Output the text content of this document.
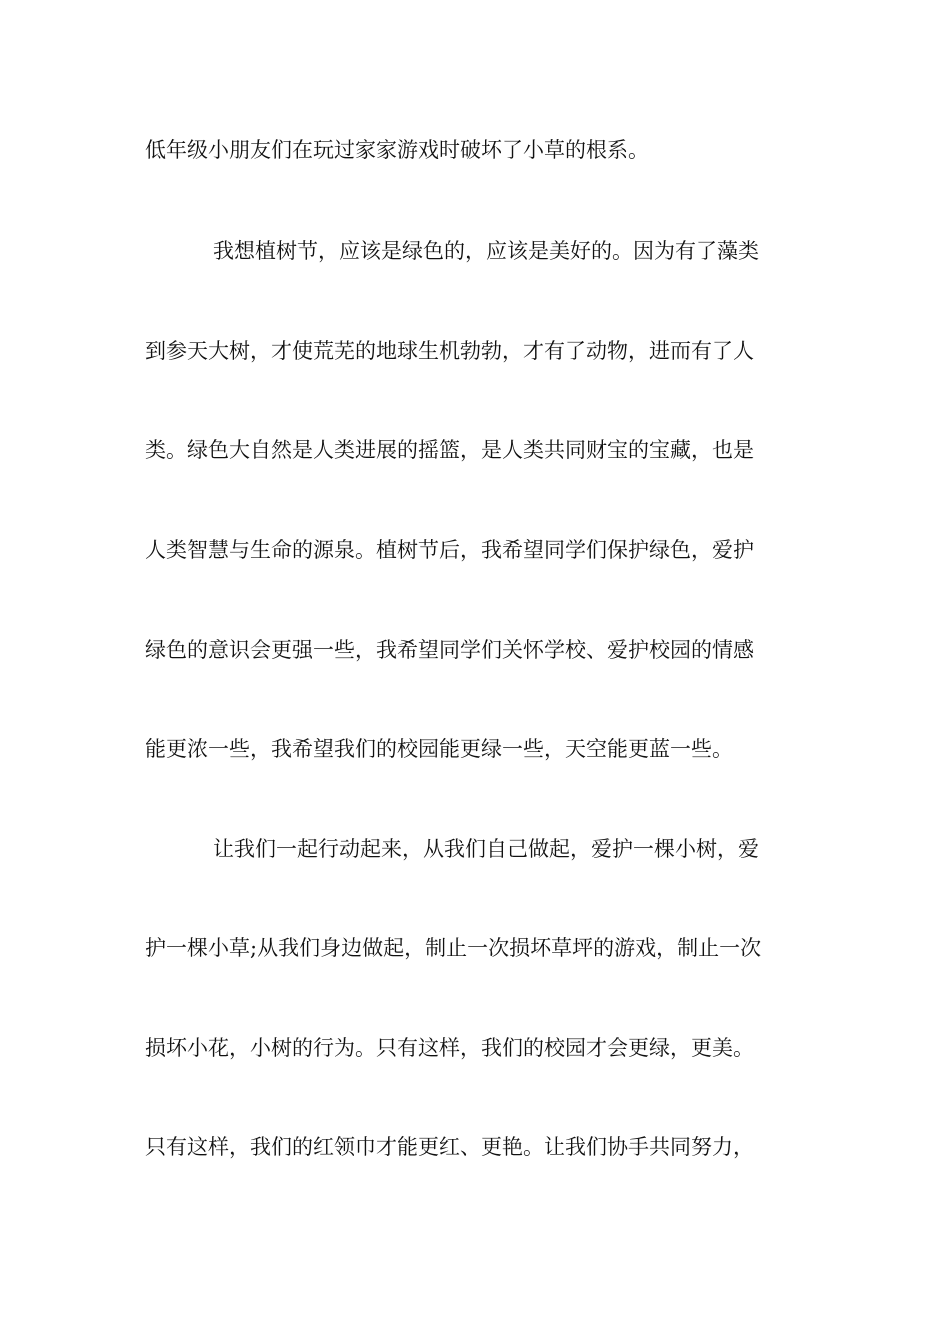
低年级小朋友们在玩过家家游戏时破坏了小草的根系。
我想植树节，应该是绿色的，应该是美好的。因为有了藻类
到参天大树，才使荒芜的地球生机勃勃，才有了动物，进而有了人
类。绿色大自然是人类进展的摇篮，是人类共同财宝的宝藏，也是
人类智慧与生命的源泉。植树节后，我希望同学们保护绿色，爱护
绿色的意识会更强一些，我希望同学们关怀学校、爱护校园的情感
能更浓一些，我希望我们的校园能更绿一些，天空能更蓝一些。
让我们一起行动起来，从我们自己做起，爱护一棵小树，爱
护一棵小草;从我们身边做起，制止一次损坏草坪的游戏，制止一次
损坏小花，小树的行为。只有这样，我们的校园才会更绿，更美。
只有这样，我们的红领巾才能更红、更艳。让我们协手共同努力，
